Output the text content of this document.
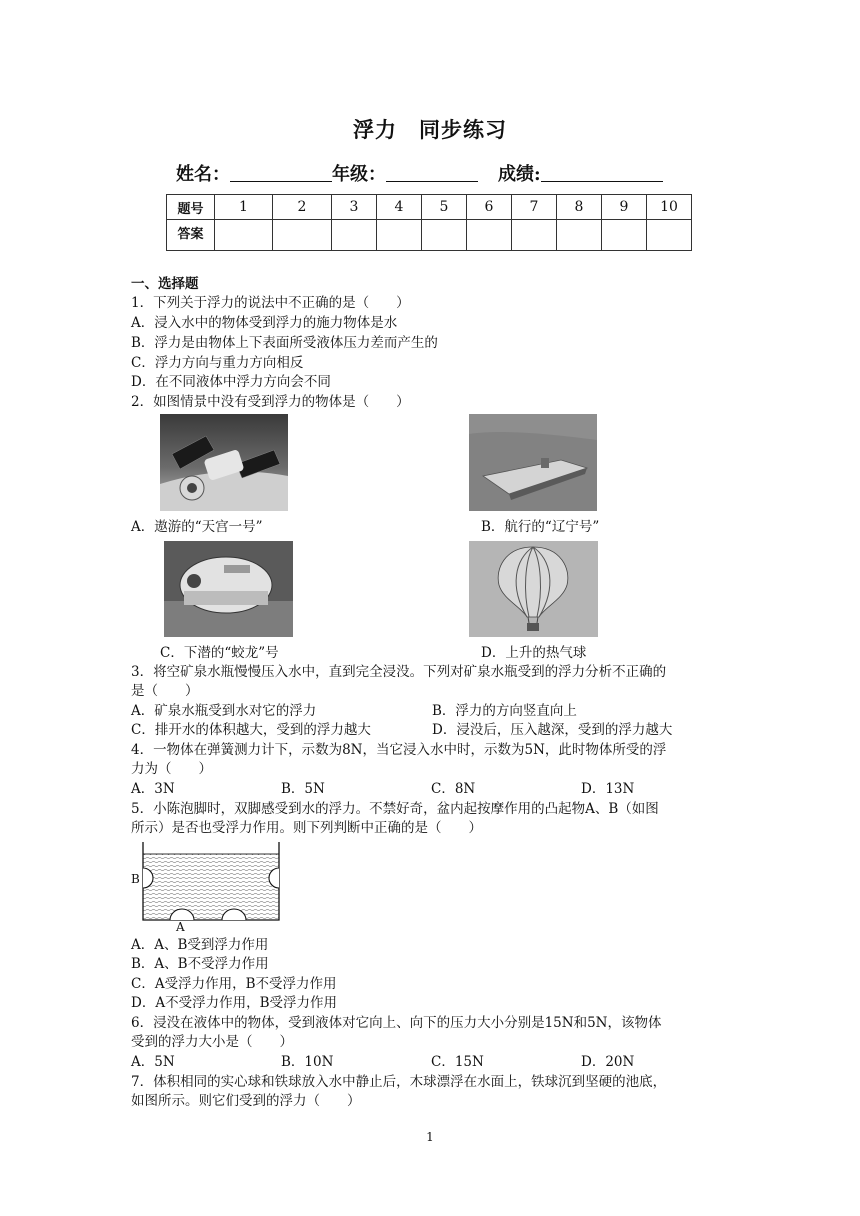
浮力 同步练习
姓名：	年级：	成绩:
题号	1	2	3	4	5	6	7	8	9	10
答案										
一、选择题
1．下列关于浮力的说法中不正确的是（　　）
A．浸入水中的物体受到浮力的施力物体是水
B．浮力是由物体上下表面所受液体压力差而产生的
C．浮力方向与重力方向相反
D．在不同液体中浮力方向会不同
2．如图情景中没有受到浮力的物体是（　　）
A．遨游的“天宫一号”	B．航行的“辽宁号”
C．下潜的“蛟龙”号	D．上升的热气球
3．将空矿泉水瓶慢慢压入水中，直到完全浸没。下列对矿泉水瓶受到的浮力分析不正确的
是（　　）
A．矿泉水瓶受到水对它的浮力	B．浮力的方向竖直向上
C．排开水的体积越大，受到的浮力越大	D．浸没后，压入越深，受到的浮力越大
4．一物体在弹簧测力计下，示数为8N，当它浸入水中时，示数为5N，此时物体所受的浮
力为（　　）
A．3N	B．5N	C．8N	D．13N
5．小陈泡脚时，双脚感受到水的浮力。不禁好奇，盆内起按摩作用的凸起物A、B（如图
所示）是否也受浮力作用。则下列判断中正确的是（　　）
B
A
A．A、B受到浮力作用
B．A、B不受浮力作用
C．A受浮力作用，B不受浮力作用
D．A不受浮力作用，B受浮力作用
6．浸没在液体中的物体，受到液体对它向上、向下的压力大小分别是15N和5N，该物体
受到的浮力大小是（　　）
A．5N	B．10N	C．15N	D．20N
7．体积相同的实心球和铁球放入水中静止后，木球漂浮在水面上，铁球沉到坚硬的池底，
如图所示。则它们受到的浮力（　　）
1
